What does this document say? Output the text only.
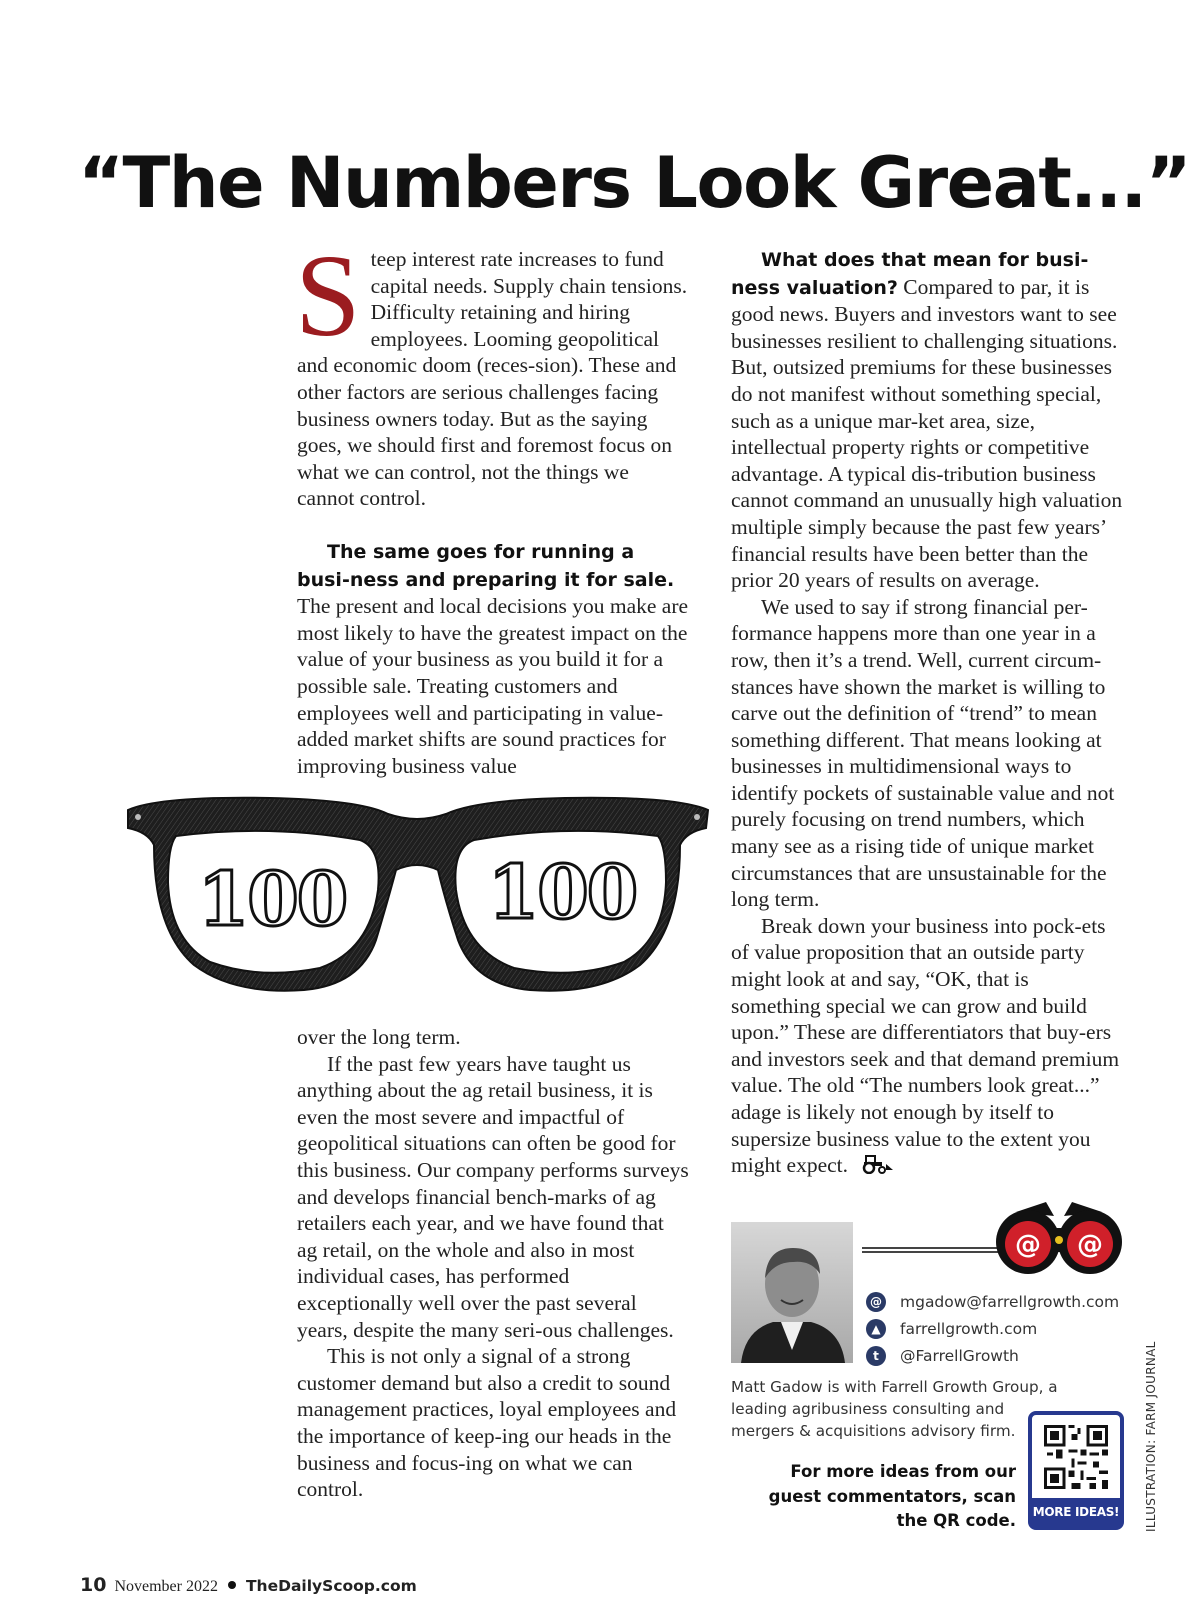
“The Numbers Look Great...”
S teep interest rate increases to fund capital needs. Supply chain tensions. Difficulty retaining and hiring employees. Looming geopolitical and economic doom (reces-sion). These and other factors are serious challenges facing business owners today. But as the saying goes, we should first and foremost focus on what we can control, not the things we cannot control.

The same goes for running a busi-ness and preparing it for sale. The present and local decisions you make are most likely to have the greatest impact on the value of your business as you build it for a possible sale. Treating customers and employees well and participating in value-added market shifts are sound practices for improving business value

100 100

over the long term.

If the past few years have taught us anything about the ag retail business, it is even the most severe and impactful of geopolitical situations can often be good for this business. Our company performs surveys and develops financial bench-marks of ag retailers each year, and we have found that ag retail, on the whole and also in most individual cases, has performed exceptionally well over the past several years, despite the many seri-ous challenges.

This is not only a signal of a strong customer demand but also a credit to sound management practices, loyal employees and the importance of keep-ing our heads in the business and focus-ing on what we can control.

What does that mean for busi-ness valuation? Compared to par, it is good news. Buyers and investors want to see businesses resilient to challenging situations. But, outsized premiums for these businesses do not manifest without something special, such as a unique mar-ket area, size, intellectual property rights or competitive advantage. A typical dis-tribution business cannot command an unusually high valuation multiple simply because the past few years’ financial results have been better than the prior 20 years of results on average.

We used to say if strong financial per-formance happens more than one year in a row, then it’s a trend. Well, current circum-stances have shown the market is willing to carve out the definition of “trend” to mean something different. That means looking at businesses in multidimensional ways to identify pockets of sustainable value and not purely focusing on trend numbers, which many see as a rising tide of unique market circumstances that are unsustainable for the long term.

Break down your business into pock-ets of value proposition that an outside party might look at and say, “OK, that is something special we can grow and build upon.” These are differentiators that buy-ers and investors seek and that demand premium value. The old “The numbers look great...” adage is likely not enough by itself to supersize business value to the extent you might expect.

@ @
@ mgadow@farrellgrowth.com
▲	farrellgrowth.com
t	@FarrellGrowth

Matt Gadow is with Farrell Growth Group, a leading agribusiness consulting and mergers & acquisitions advisory firm.

For more ideas from our guest commentators, scan the QR code. MORE IDEAS! ILLUSTRATION: FARM JOURNAL
10 November 2022 TheDailyScoop.com
